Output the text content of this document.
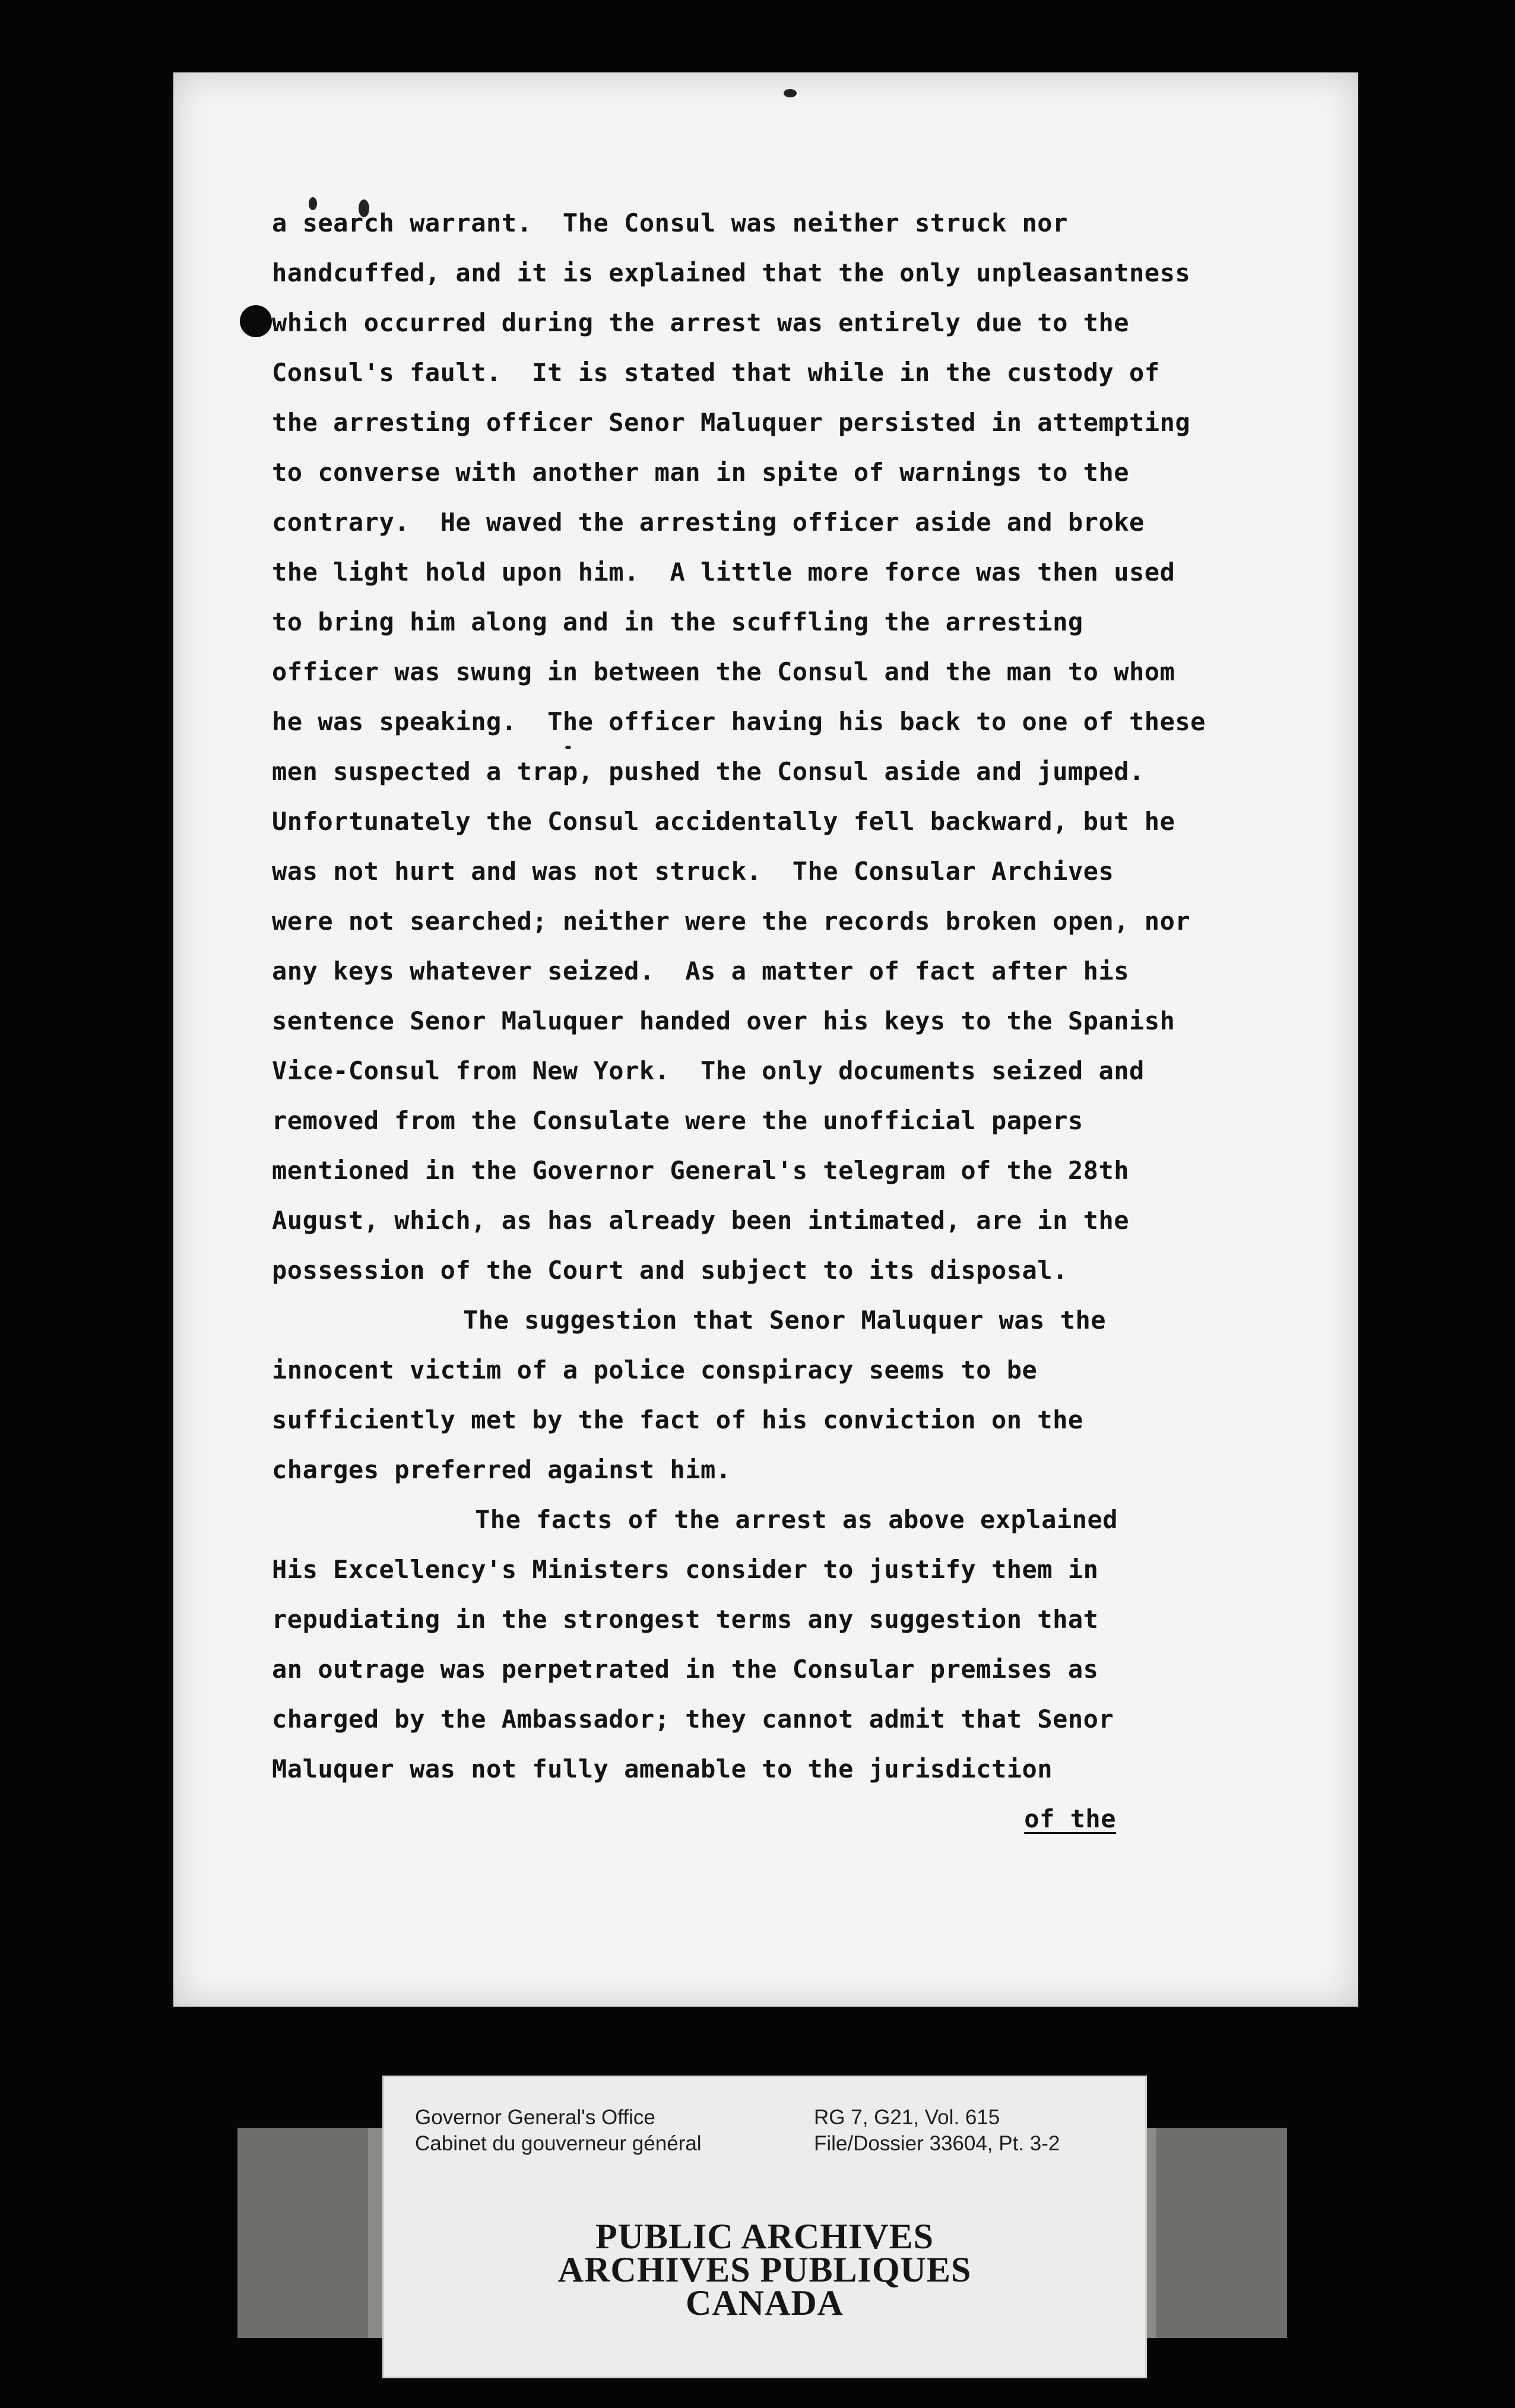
a search warrant.  The Consul was neither struck nor
handcuffed, and it is explained that the only unpleasantness
which occurred during the arrest was entirely due to the
Consul's fault.  It is stated that while in the custody of
the arresting officer Senor Maluquer persisted in attempting
to converse with another man in spite of warnings to the
contrary.  He waved the arresting officer aside and broke
the light hold upon him.  A little more force was then used
to bring him along and in the scuffling the arresting
officer was swung in between the Consul and the man to whom
he was speaking.  The officer having his back to one of these
men suspected a trap, pushed the Consul aside and jumped.
Unfortunately the Consul accidentally fell backward, but he
was not hurt and was not struck.  The Consular Archives
were not searched; neither were the records broken open, nor
any keys whatever seized.  As a matter of fact after his
sentence Senor Maluquer handed over his keys to the Spanish
Vice-Consul from New York.  The only documents seized and
removed from the Consulate were the unofficial papers
mentioned in the Governor General's telegram of the 28th
August, which, as has already been intimated, are in the
possession of the Court and subject to its disposal.
The suggestion that Senor Maluquer was the
innocent victim of a police conspiracy seems to be
sufficiently met by the fact of his conviction on the
charges preferred against him.
The facts of the arrest as above explained
His Excellency's Ministers consider to justify them in
repudiating in the strongest terms any suggestion that
an outrage was perpetrated in the Consular premises as
charged by the Ambassador; they cannot admit that Senor
Maluquer was not fully amenable to the jurisdiction
of the
Governor General's Office
Cabinet du gouverneur général
RG 7, G21, Vol. 615
File/Dossier 33604, Pt. 3-2
PUBLIC ARCHIVES
ARCHIVES PUBLIQUES
CANADA
